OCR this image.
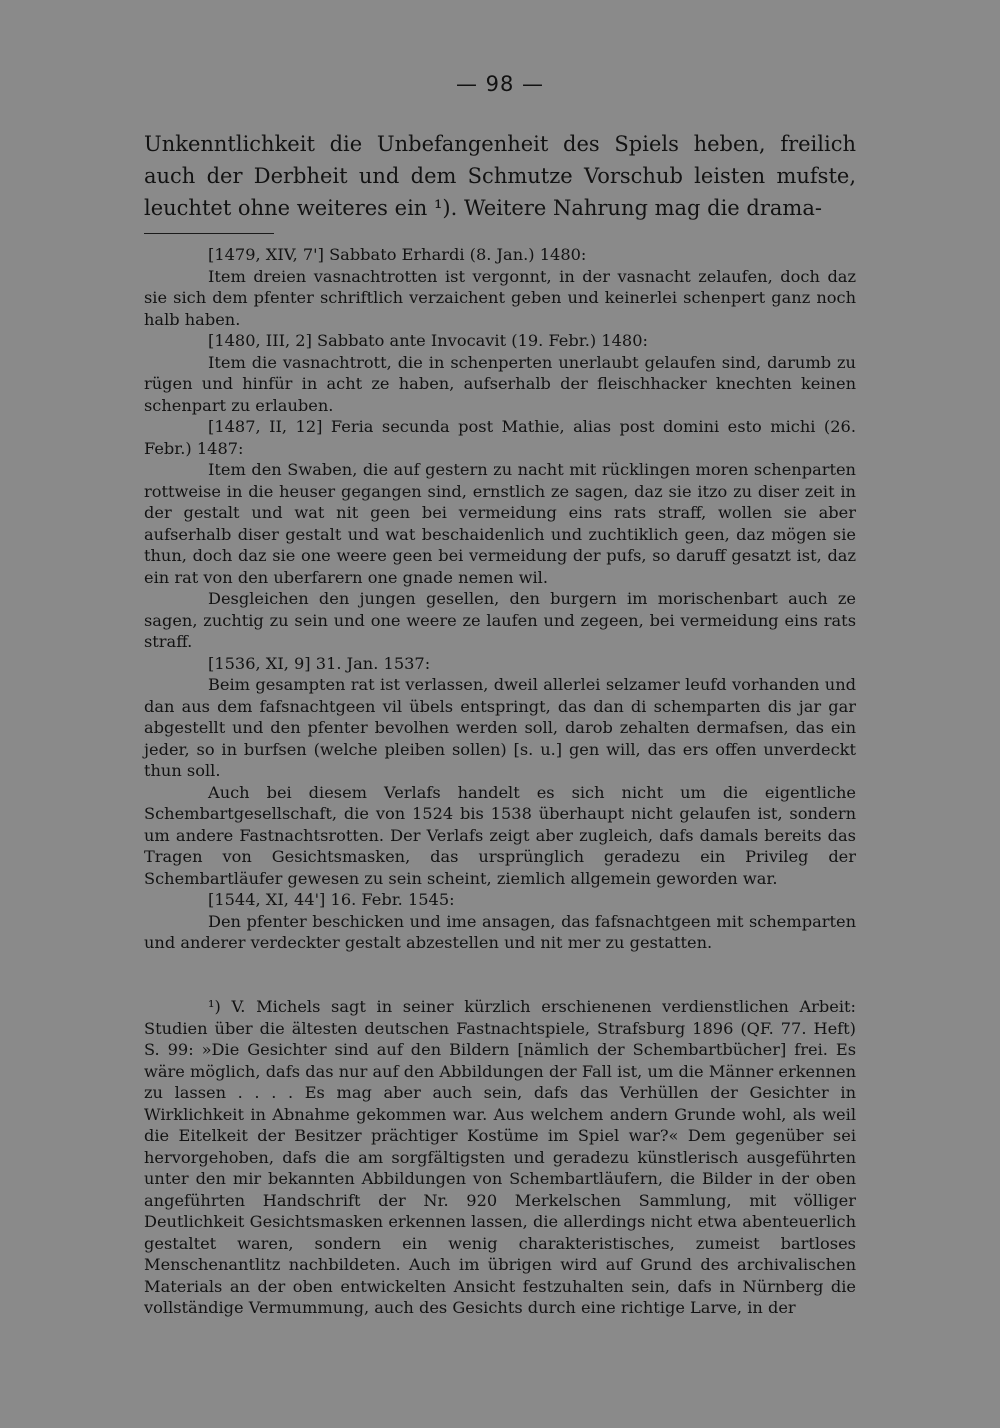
— 98 —

Unkenntlichkeit die Unbefangenheit des Spiels heben, freilich auch der Derbheit und dem Schmutze Vorschub leisten mufste, leuchtet ohne weiteres ein ¹). Weitere Nahrung mag die drama-

[1479, XIV, 7'] Sabbato Erhardi (8. Jan.) 1480:

Item dreien vasnachtrotten ist vergonnt, in der vasnacht zelaufen, doch daz sie sich dem pfenter schriftlich verzaichent geben und keinerlei schenpert ganz noch halb haben.

[1480, III, 2] Sabbato ante Invocavit (19. Febr.) 1480:

Item die vasnachtrott, die in schenperten unerlaubt gelaufen sind, darumb zu rügen und hinfür in acht ze haben, aufserhalb der fleischhacker knechten keinen schenpart zu erlauben.

[1487, II, 12] Feria secunda post Mathie, alias post domini esto michi (26. Febr.) 1487:

Item den Swaben, die auf gestern zu nacht mit rücklingen moren schenparten rottweise in die heuser gegangen sind, ernstlich ze sagen, daz sie itzo zu diser zeit in der gestalt und wat nit geen bei vermeidung eins rats straff, wollen sie aber aufserhalb diser gestalt und wat beschaidenlich und zuchtiklich geen, daz mögen sie thun, doch daz sie one weere geen bei vermeidung der pufs, so daruff gesatzt ist, daz ein rat von den uberfarern one gnade nemen wil.

Desgleichen den jungen gesellen, den burgern im morischenbart auch ze sagen, zuchtig zu sein und one weere ze laufen und zegeen, bei vermeidung eins rats straff.

[1536, XI, 9] 31. Jan. 1537:

Beim gesampten rat ist verlassen, dweil allerlei selzamer leufd vorhanden und dan aus dem fafsnachtgeen vil übels entspringt, das dan di schemparten dis jar gar abgestellt und den pfenter bevolhen werden soll, darob zehalten dermafsen, das ein jeder, so in burfsen (welche pleiben sollen) [s. u.] gen will, das ers offen unverdeckt thun soll.

Auch bei diesem Verlafs handelt es sich nicht um die eigentliche Schembartgesellschaft, die von 1524 bis 1538 überhaupt nicht gelaufen ist, sondern um andere Fastnachtsrotten. Der Verlafs zeigt aber zugleich, dafs damals bereits das Tragen von Gesichtsmasken, das ursprünglich geradezu ein Privileg der Schembartläufer gewesen zu sein scheint, ziemlich allgemein geworden war.

[1544, XI, 44'] 16. Febr. 1545:

Den pfenter beschicken und ime ansagen, das fafsnachtgeen mit schemparten und anderer verdeckter gestalt abzestellen und nit mer zu gestatten.

¹) V. Michels sagt in seiner kürzlich erschienenen verdienstlichen Arbeit: Studien über die ältesten deutschen Fastnachtspiele, Strafsburg 1896 (QF. 77. Heft) S. 99: »Die Gesichter sind auf den Bildern [nämlich der Schembartbücher] frei. Es wäre möglich, dafs das nur auf den Abbildungen der Fall ist, um die Männer erkennen zu lassen . . . . Es mag aber auch sein, dafs das Verhüllen der Gesichter in Wirklichkeit in Abnahme gekommen war. Aus welchem andern Grunde wohl, als weil die Eitelkeit der Besitzer prächtiger Kostüme im Spiel war?« Dem gegenüber sei hervorgehoben, dafs die am sorgfältigsten und geradezu künstlerisch ausgeführten unter den mir bekannten Abbildungen von Schembartläufern, die Bilder in der oben angeführten Handschrift der Nr. 920 Merkelschen Sammlung, mit völliger Deutlichkeit Gesichtsmasken erkennen lassen, die allerdings nicht etwa abenteuerlich gestaltet waren, sondern ein wenig charakteristisches, zumeist bartloses Menschenantlitz nachbildeten. Auch im übrigen wird auf Grund des archivalischen Materials an der oben entwickelten Ansicht festzuhalten sein, dafs in Nürnberg die vollständige Vermummung, auch des Gesichts durch eine richtige Larve, in der
